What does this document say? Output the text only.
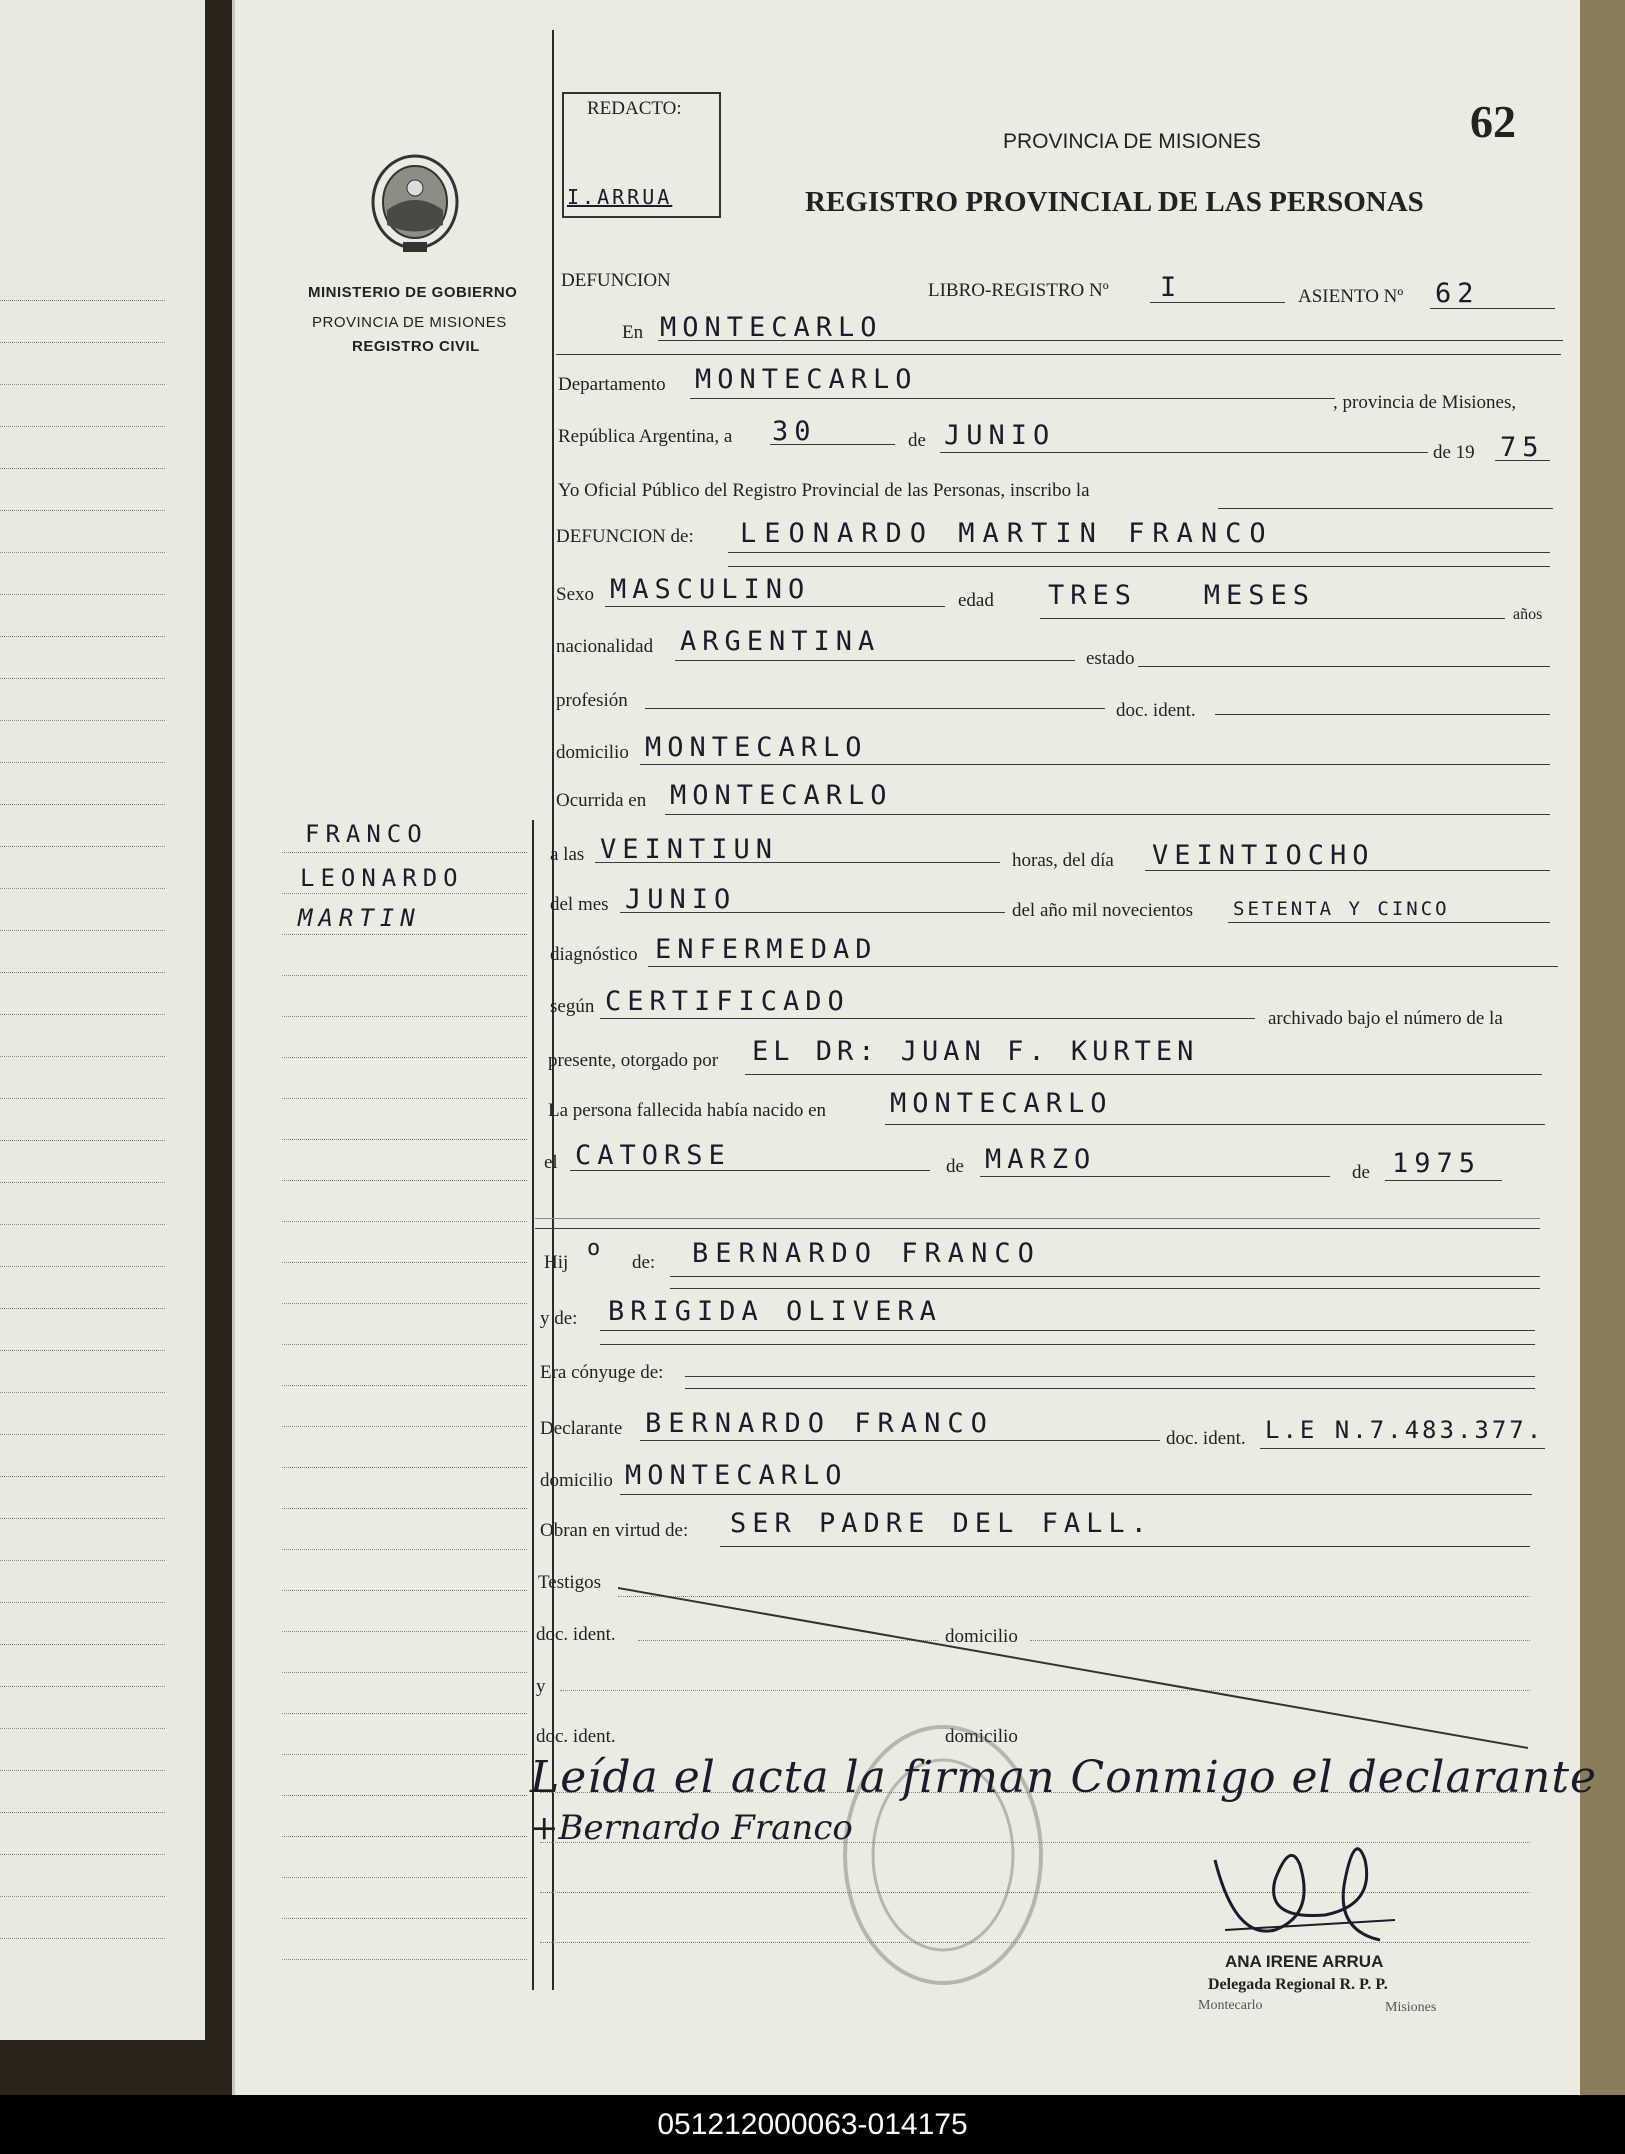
MINISTERIO DE GOBIERNO
PROVINCIA DE MISIONES
REGISTRO CIVIL
FRANCO
LEONARDO
MARTIN
REDACTO:
I.ARRUA
62
PROVINCIA DE MISIONES
REGISTRO PROVINCIAL DE LAS PERSONAS
DEFUNCION	LIBRO-REGISTRO Nº I	ASIENTO Nº 62
En MONTECARLO
Departamento MONTECARLO
, provincia de Misiones,
República Argentina, a 30	de JUNIO
de 19 75
Yo Oficial Público del Registro Provincial de las Personas, inscribo la
DEFUNCION de: LEONARDO MARTIN FRANCO
Sexo MASCULINO	edad TRES   MESES
años
nacionalidad ARGENTINA
estado
profesión	doc. ident.
domicilio MONTECARLO
Ocurrida en MONTECARLO
a las VEINTIUN	horas, del día VEINTIOCHO
del mes JUNIO	del año mil novecientos SETENTA Y CINCO
diagnóstico ENFERMEDAD
según CERTIFICADO
archivado bajo el número de la
presente, otorgado por EL DR: JUAN F. KURTEN
La persona fallecida había nacido en MONTECARLO
el CATORSE	de MARZO	de 1975
Hij
o
de: BERNARDO FRANCO
y de: BRIGIDA OLIVERA
Era cónyuge de:
Declarante BERNARDO FRANCO	doc. ident. L.E N.7.483.377.
domicilio MONTECARLO
Obran en virtud de: SER PADRE DEL FALL.
Testigos
doc. ident.	domicilio
y
doc. ident.	domicilio
Leída el acta la firman Conmigo el declarante
+Bernardo Franco
ANA IRENE ARRUA
Delegada Regional R. P. P.
Montecarlo	Misiones
051212000063-014175
